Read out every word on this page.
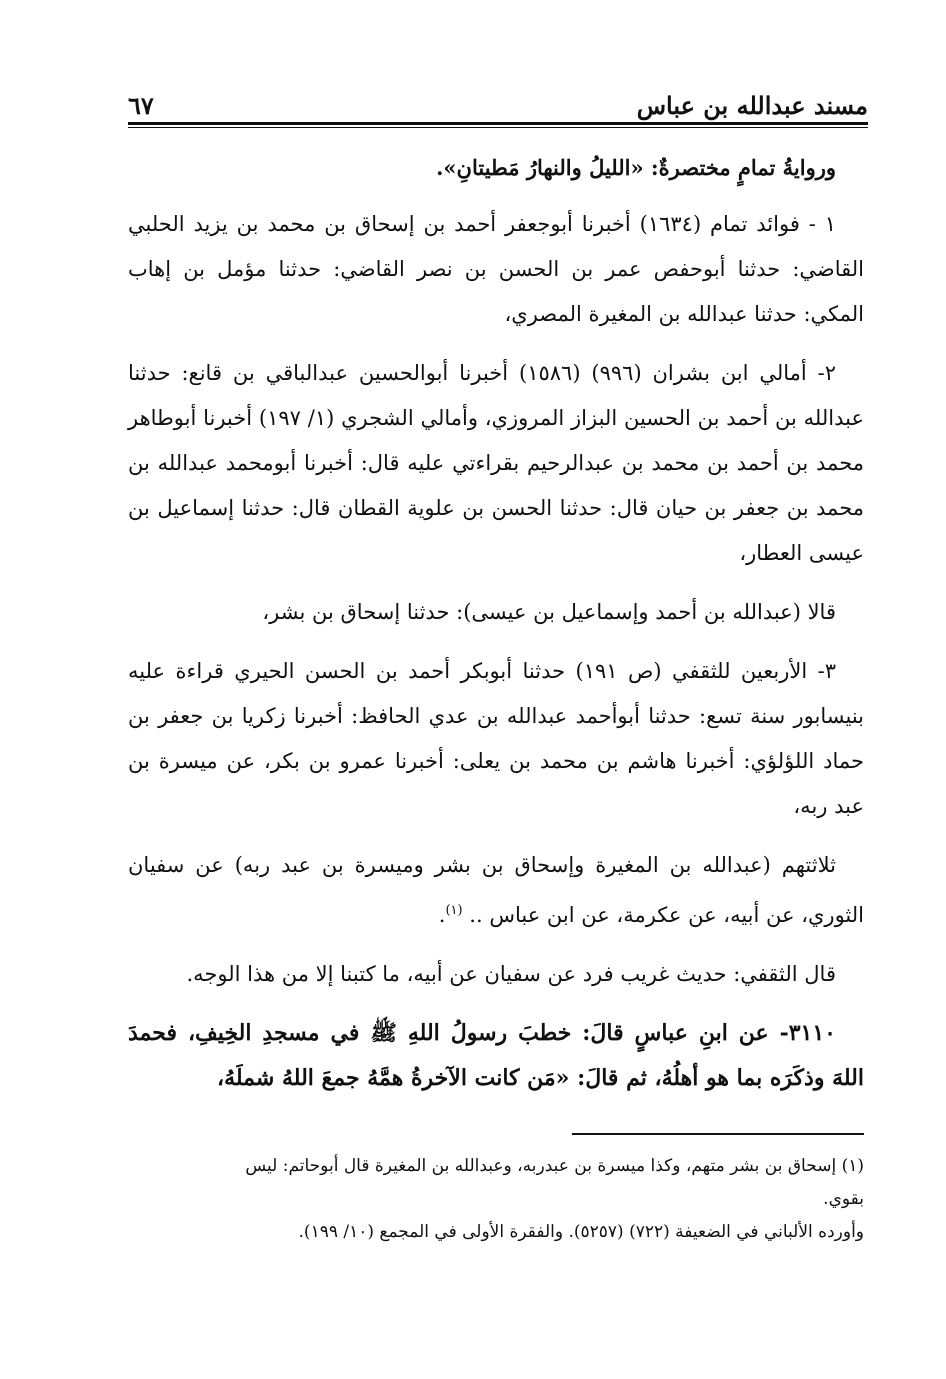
مسند عبدالله بن عباس
٦٧

وروايةُ تمامٍ مختصرةٌ: «الليلُ والنهارُ مَطيتانِ».

١ - فوائد تمام (١٦٣٤) أخبرنا أبوجعفر أحمد بن إسحاق بن محمد بن يزيد الحلبي القاضي: حدثنا أبوحفص عمر بن الحسن بن نصر القاضي: حدثنا مؤمل بن إهاب المكي: حدثنا عبدالله بن المغيرة المصري،

٢- أمالي ابن بشران (٩٩٦) (١٥٨٦) أخبرنا أبوالحسين عبدالباقي بن قانع: حدثنا عبدالله بن أحمد بن الحسين البزاز المروزي، وأمالي الشجري (١/ ١٩٧) أخبرنا أبوطاهر محمد بن أحمد بن محمد بن عبدالرحيم بقراءتي عليه قال: أخبرنا أبومحمد عبدالله بن محمد بن جعفر بن حيان قال: حدثنا الحسن بن علوية القطان قال: حدثنا إسماعيل بن عيسى العطار،

قالا (عبدالله بن أحمد وإسماعيل بن عيسى): حدثنا إسحاق بن بشر،

٣- الأربعين للثقفي (ص ١٩١) حدثنا أبوبكر أحمد بن الحسن الحيري قراءة عليه بنيسابور سنة تسع: حدثنا أبوأحمد عبدالله بن عدي الحافظ: أخبرنا زكريا بن جعفر بن حماد اللؤلؤي: أخبرنا هاشم بن محمد بن يعلى: أخبرنا عمرو بن بكر، عن ميسرة بن عبد ربه،

ثلاثتهم (عبدالله بن المغيرة وإسحاق بن بشر وميسرة بن عبد ربه) عن سفيان الثوري، عن أبيه، عن عكرمة، عن ابن عباس .. $^{(١)}$.

قال الثقفي: حديث غريب فرد عن سفيان عن أبيه، ما كتبنا إلا من هذا الوجه.

٣١١٠- عن ابنِ عباسٍ قالَ: خطبَ رسولُ اللهِ ﷺ في مسجدِ الخِيفِ، فحمدَ اللهَ وذكَرَه بما هو أهلُهُ، ثم قالَ: «مَن كانت الآخرةُ همَّهُ جمعَ اللهُ شملَهُ،

(١) إسحاق بن بشر متهم، وكذا ميسرة بن عبدربه، وعبدالله بن المغيرة قال أبوحاتم: ليس

بقوي.

وأورده الألباني في الضعيفة (٧٢٢) (٥٢٥٧). والفقرة الأولى في المجمع (١٠/ ١٩٩).
